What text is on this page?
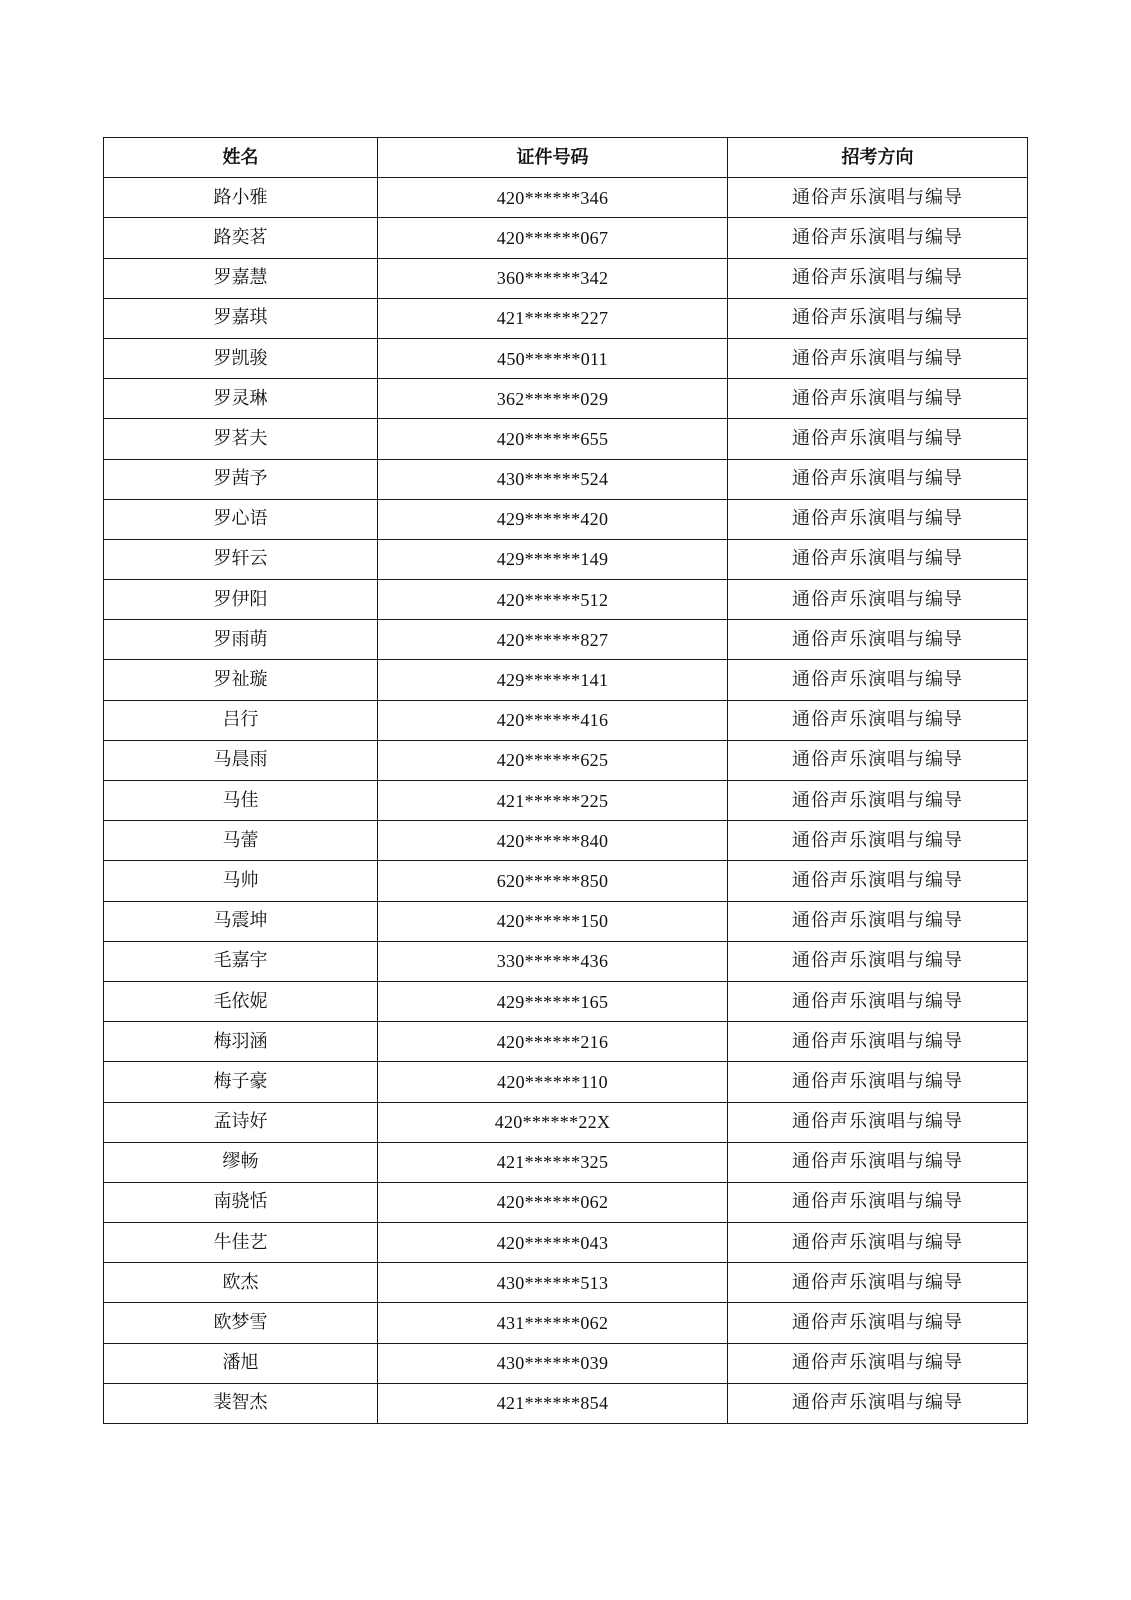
姓名	证件号码	招考方向
路小雅	420******346	通俗声乐演唱与编导
路奕茗	420******067	通俗声乐演唱与编导
罗嘉慧	360******342	通俗声乐演唱与编导
罗嘉琪	421******227	通俗声乐演唱与编导
罗凯骏	450******011	通俗声乐演唱与编导
罗灵琳	362******029	通俗声乐演唱与编导
罗茗夫	420******655	通俗声乐演唱与编导
罗茜予	430******524	通俗声乐演唱与编导
罗心语	429******420	通俗声乐演唱与编导
罗轩云	429******149	通俗声乐演唱与编导
罗伊阳	420******512	通俗声乐演唱与编导
罗雨萌	420******827	通俗声乐演唱与编导
罗祉璇	429******141	通俗声乐演唱与编导
吕行	420******416	通俗声乐演唱与编导
马晨雨	420******625	通俗声乐演唱与编导
马佳	421******225	通俗声乐演唱与编导
马蕾	420******840	通俗声乐演唱与编导
马帅	620******850	通俗声乐演唱与编导
马震坤	420******150	通俗声乐演唱与编导
毛嘉宇	330******436	通俗声乐演唱与编导
毛依妮	429******165	通俗声乐演唱与编导
梅羽涵	420******216	通俗声乐演唱与编导
梅子豪	420******110	通俗声乐演唱与编导
孟诗好	420******22X	通俗声乐演唱与编导
缪畅	421******325	通俗声乐演唱与编导
南骁恬	420******062	通俗声乐演唱与编导
牛佳艺	420******043	通俗声乐演唱与编导
欧杰	430******513	通俗声乐演唱与编导
欧梦雪	431******062	通俗声乐演唱与编导
潘旭	430******039	通俗声乐演唱与编导
裴智杰	421******854	通俗声乐演唱与编导
